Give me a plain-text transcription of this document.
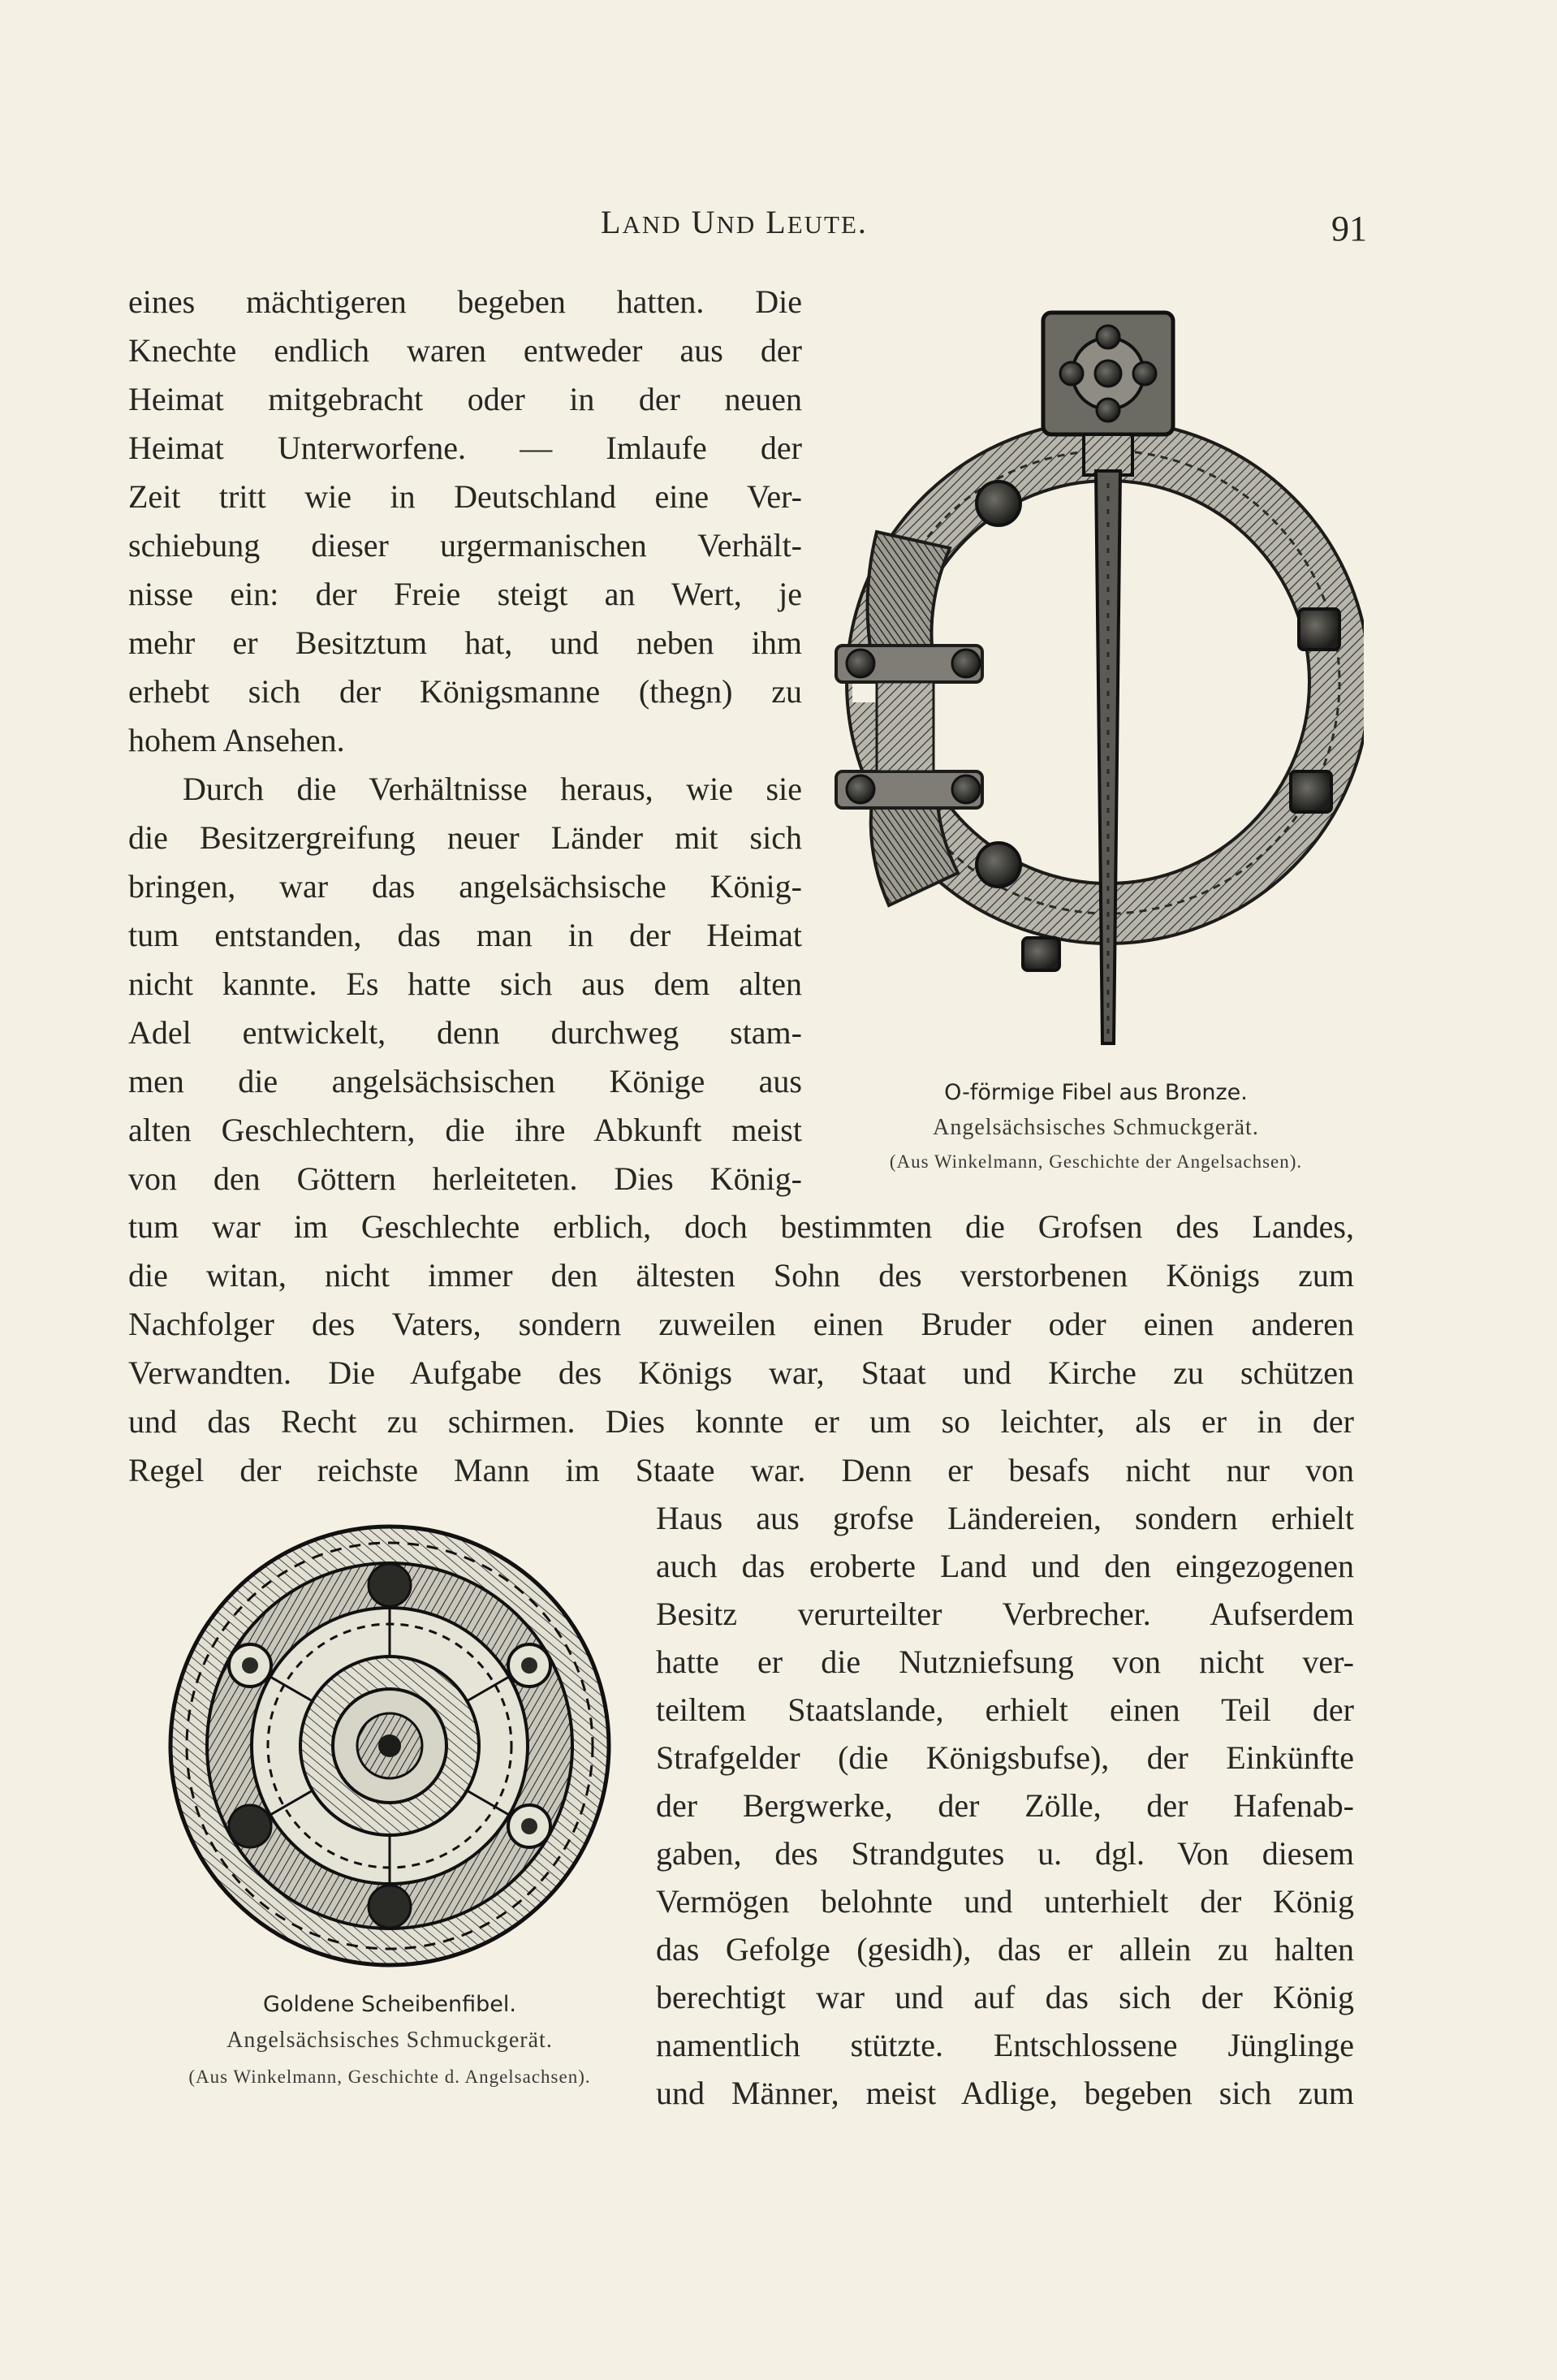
LAND UND LEUTE.	91
eines mächtigeren begeben hatten. Die
Knechte endlich waren entweder aus der
Heimat mitgebracht oder in der neuen
Heimat Unterworfene. — Imlaufe der
Zeit tritt wie in Deutschland eine Ver-
schiebung dieser urgermanischen Verhält-
nisse ein: der Freie steigt an Wert, je
mehr er Besitztum hat, und neben ihm
erhebt sich der Königsmanne (thegn) zu
hohem Ansehen.
Durch die Verhältnisse heraus, wie sie
die Besitzergreifung neuer Länder mit sich
bringen, war das angelsächsische König-
tum entstanden, das man in der Heimat
nicht kannte. Es hatte sich aus dem alten
Adel entwickelt, denn durchweg stam-
men die angelsächsischen Könige aus
alten Geschlechtern, die ihre Abkunft meist
von den Göttern herleiteten. Dies König-
tum war im Geschlechte erblich, doch bestimmten die Grofsen des Landes,
die witan, nicht immer den ältesten Sohn des verstorbenen Königs zum
Nachfolger des Vaters, sondern zuweilen einen Bruder oder einen anderen
Verwandten. Die Aufgabe des Königs war, Staat und Kirche zu schützen
und das Recht zu schirmen. Dies konnte er um so leichter, als er in der
Regel der reichste Mann im Staate war. Denn er besafs nicht nur von
Haus aus grofse Ländereien, sondern erhielt
auch das eroberte Land und den eingezogenen
Besitz verurteilter Verbrecher. Aufserdem
hatte er die Nutzniefsung von nicht ver-
teiltem Staatslande, erhielt einen Teil der
Strafgelder (die Königsbufse), der Einkünfte
der Bergwerke, der Zölle, der Hafenab-
gaben, des Strandgutes u. dgl. Von diesem
Vermögen belohnte und unterhielt der König
das Gefolge (gesidh), das er allein zu halten
berechtigt war und auf das sich der König
namentlich stützte. Entschlossene Jünglinge
und Männer, meist Adlige, begeben sich zum
O-förmige Fibel aus Bronze.
Angelsächsisches Schmuckgerät.
(Aus Winkelmann, Geschichte der Angelsachsen).
Goldene Scheibenfibel.
Angelsächsisches Schmuckgerät.
(Aus Winkelmann, Geschichte d. Angelsachsen).
